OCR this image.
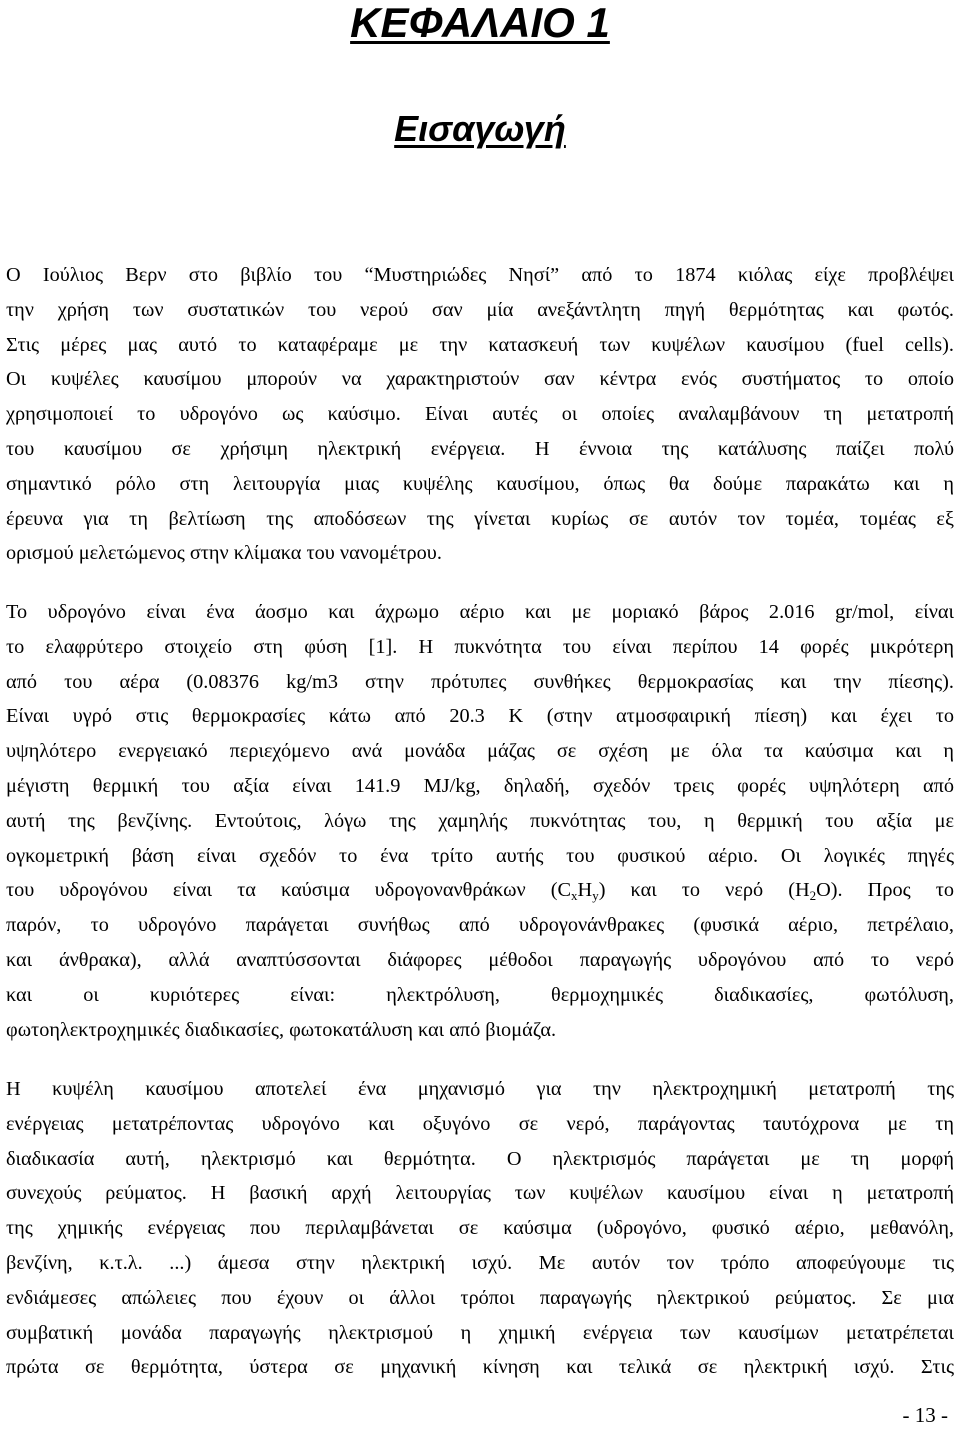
ΚΕΦΑΛΑΙΟ 1
Εισαγωγή
Ο Ιούλιος Βερν στο βιβλίο του “Μυστηριώδες Νησί” από το 1874 κιόλας είχε προβλέψει
την χρήση των συστατικών του νερού σαν μία ανεξάντλητη πηγή θερμότητας και φωτός.
Στις μέρες μας αυτό το καταφέραμε με την κατασκευή των κυψέλων καυσίμου (fuel cells).
Οι κυψέλες καυσίμου μπορούν να χαρακτηριστούν σαν κέντρα ενός συστήματος το οποίο
χρησιμοποιεί το υδρογόνο ως καύσιμο. Είναι αυτές οι οποίες αναλαμβάνουν τη μετατροπή
του καυσίμου σε χρήσιμη ηλεκτρική ενέργεια. Η έννοια της κατάλυσης παίζει πολύ
σημαντικό ρόλο στη λειτουργία μιας κυψέλης καυσίμου, όπως θα δούμε παρακάτω και η
έρευνα για τη βελτίωση της αποδόσεων της γίνεται κυρίως σε αυτόν τον τομέα, τομέας εξ
ορισμού μελετώμενος στην κλίμακα του νανομέτρου.
Το υδρογόνο είναι ένα άοσμο και άχρωμο αέριο και με μοριακό βάρος 2.016 gr/mol, είναι
το ελαφρύτερο στοιχείο στη φύση [1]. Η πυκνότητα του είναι περίπου 14 φορές μικρότερη
από του αέρα (0.08376 kg/m3 στην πρότυπες συνθήκες θερμοκρασίας και την πίεσης).
Είναι υγρό στις θερμοκρασίες κάτω από 20.3 K (στην ατμοσφαιρική πίεση) και έχει το
υψηλότερο ενεργειακό περιεχόμενο ανά μονάδα μάζας σε σχέση με όλα τα καύσιμα και η
μέγιστη θερμική του αξία είναι 141.9 MJ/kg, δηλαδή, σχεδόν τρεις φορές υψηλότερη από
αυτή της βενζίνης. Εντούτοις, λόγω της χαμηλής πυκνότητας του, η θερμική του αξία με
ογκομετρική βάση είναι σχεδόν το ένα τρίτο αυτής του φυσικού αέριο. Οι λογικές πηγές
του υδρογόνου είναι τα καύσιμα υδρογονανθράκων $(C_xH_y)$ και το νερό $(H_2O)$. Προς το
παρόν, το υδρογόνο παράγεται συνήθως από υδρογονάνθρακες (φυσικά αέριο, πετρέλαιο,
και άνθρακα), αλλά αναπτύσσονται διάφορες μέθοδοι παραγωγής υδρογόνου από το νερό
και οι κυριότερες είναι: ηλεκτρόλυση, θερμοχημικές διαδικασίες, φωτόλυση,
φωτοηλεκτροχημικές διαδικασίες, φωτοκατάλυση και από βιομάζα.
Η κυψέλη καυσίμου αποτελεί ένα μηχανισμό για την ηλεκτροχημική μετατροπή της
ενέργειας μετατρέποντας υδρογόνο και οξυγόνο σε νερό, παράγοντας ταυτόχρονα με τη
διαδικασία αυτή, ηλεκτρισμό και θερμότητα. Ο ηλεκτρισμός παράγεται με τη μορφή
συνεχούς ρεύματος. Η βασική αρχή λειτουργίας των κυψέλων καυσίμου είναι η μετατροπή
της χημικής ενέργειας που περιλαμβάνεται σε καύσιμα (υδρογόνο, φυσικό αέριο, μεθανόλη,
βενζίνη, κ.τ.λ. ...) άμεσα στην ηλεκτρική ισχύ. Με αυτόν τον τρόπο αποφεύγουμε τις
ενδιάμεσες απώλειες που έχουν οι άλλοι τρόποι παραγωγής ηλεκτρικού ρεύματος. Σε μια
συμβατική μονάδα παραγωγής ηλεκτρισμού η χημική ενέργεια των καυσίμων μετατρέπεται
πρώτα σε θερμότητα, ύστερα σε μηχανική κίνηση και τελικά σε ηλεκτρική ισχύ. Στις
- 13 -
